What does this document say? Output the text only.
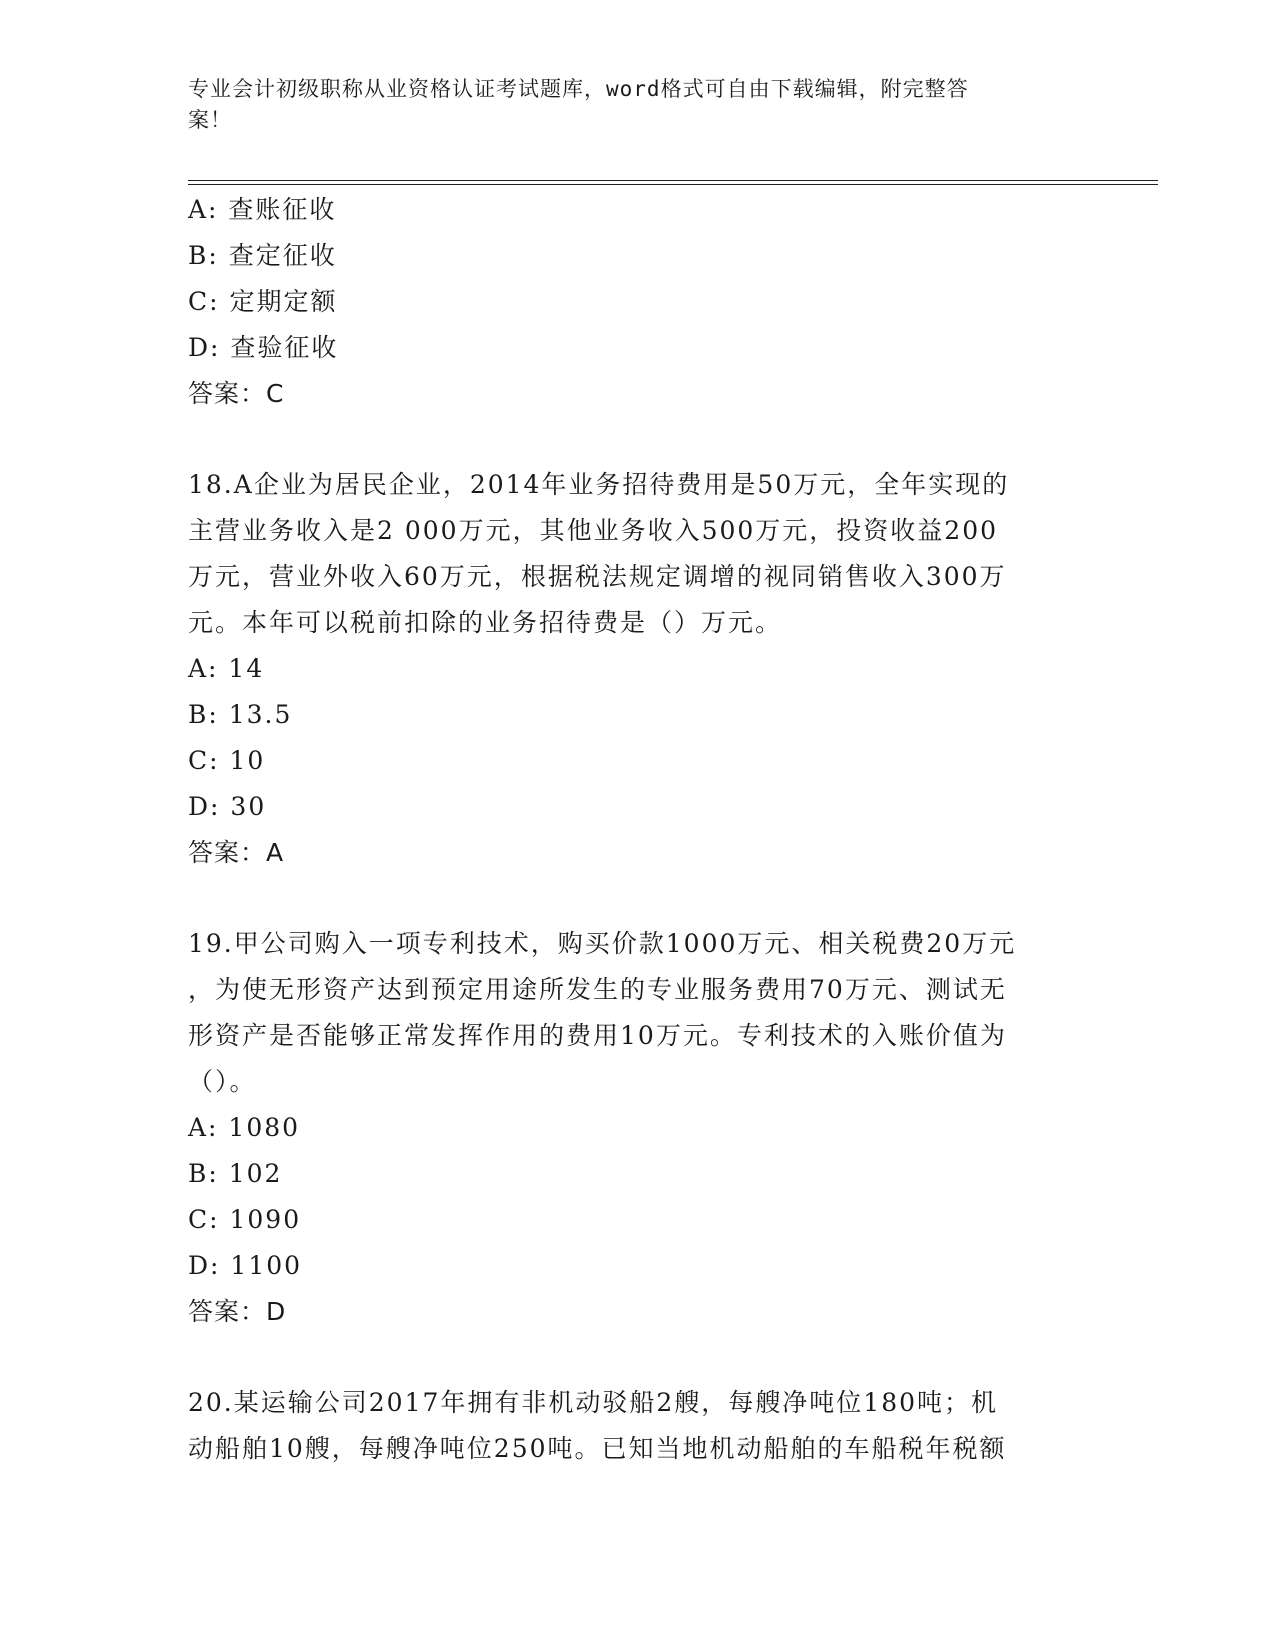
专业会计初级职称从业资格认证考试题库，word格式可自由下载编辑，附完整答
案！
A: 查账征收
B: 查定征收
C: 定期定额
D: 查验征收
答案：C
18.A企业为居民企业，2014年业务招待费用是50万元，全年实现的
主营业务收入是2 000万元，其他业务收入500万元，投资收益200
万元，营业外收入60万元，根据税法规定调增的视同销售收入300万
元。本年可以税前扣除的业务招待费是（）万元。
A: 14
B: 13.5
C: 10
D: 30
答案：A
19.甲公司购入一项专利技术，购买价款1000万元、相关税费20万元
，为使无形资产达到预定用途所发生的专业服务费用70万元、测试无
形资产是否能够正常发挥作用的费用10万元。专利技术的入账价值为
（）。
A: 1080
B: 102
C: 1090
D: 1100
答案：D
20.某运输公司2017年拥有非机动驳船2艘，每艘净吨位180吨；机
动船舶10艘，每艘净吨位250吨。已知当地机动船舶的车船税年税额
